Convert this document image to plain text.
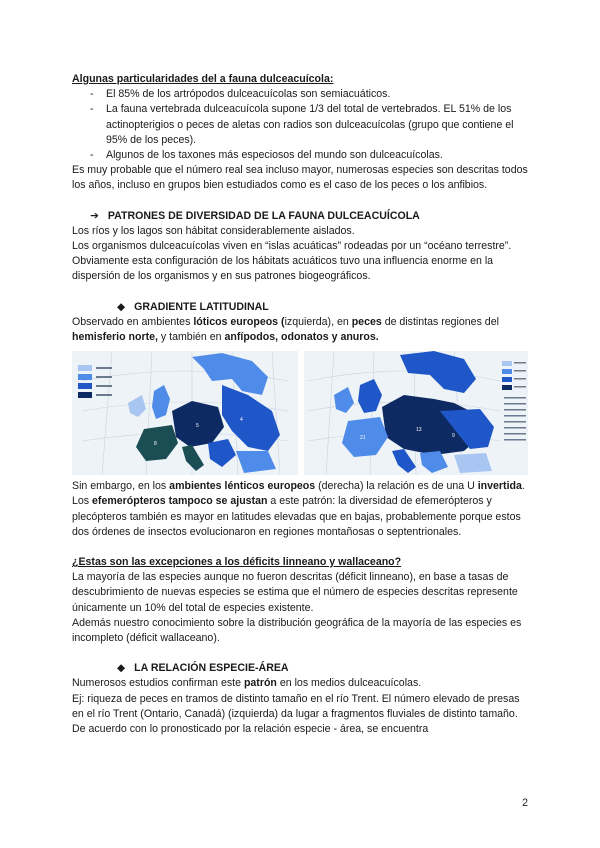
Algunas particularidades del a fauna dulceacuícola:

- El 85% de los artrópodos dulceacuícolas son semiacuáticos.
- La fauna vertebrada dulceacuícola supone 1/3 del total de vertebrados. EL 51% de los actinopterigios o peces de aletas con radios son dulceacuícolas (grupo que contiene el 95% de los peces).
- Algunos de los taxones más especiosos del mundo son dulceacuícolas.

Es muy probable que el número real sea incluso mayor, numerosas especies son descritas todos los años, incluso en grupos bien estudiados como es el caso de los peces o los anfibios.

➔ PATRONES DE DIVERSIDAD DE LA FAUNA DULCEACUÍCOLA

Los ríos y los lagos son hábitat considerablemente aislados.

Los organismos dulceacuícolas viven en “islas acuáticas” rodeadas por un “océano terrestre”. Obviamente esta configuración de los hábitats acuáticos tuvo una influencia enorme en la dispersión de los organismos y en sus patrones biogeográficos.

◆ GRADIENTE LATITUDINAL

Observado en ambientes lóticos europeos (izquierda), en peces de distintas regiones del hemisferio norte, y también en anfípodos, odonatos y anuros.

5
8
4
13
9
21

Sin embargo, en los ambientes lénticos europeos (derecha) la relación es de una U invertida.

Los efemerópteros tampoco se ajustan a este patrón: la diversidad de efemerópteros y plecópteros también es mayor en latitudes elevadas que en bajas, probablemente porque estos dos órdenes de insectos evolucionaron en regiones montañosas o septentrionales.

¿Estas son las excepciones a los déficits linneano y wallaceano?

La mayoría de las especies aunque no fueron descritas (déficit linneano), en base a tasas de descubrimiento de nuevas especies se estima que el número de especies descritas represente únicamente un 10% del total de especies existente.

Además nuestro conocimiento sobre la distribución geográfica de la mayoría de las especies es incompleto (déficit wallaceano).

◆ LA RELACIÓN ESPECIE-ÁREA

Numerosos estudios confirman este patrón en los medios dulceacuícolas.

Ej: riqueza de peces en tramos de distinto tamaño en el río Trent. El número elevado de presas en el río Trent (Ontario, Canadá) (izquierda) da lugar a fragmentos fluviales de distinto tamaño. De acuerdo con lo pronosticado por la relación especie - área, se encuentra

2
